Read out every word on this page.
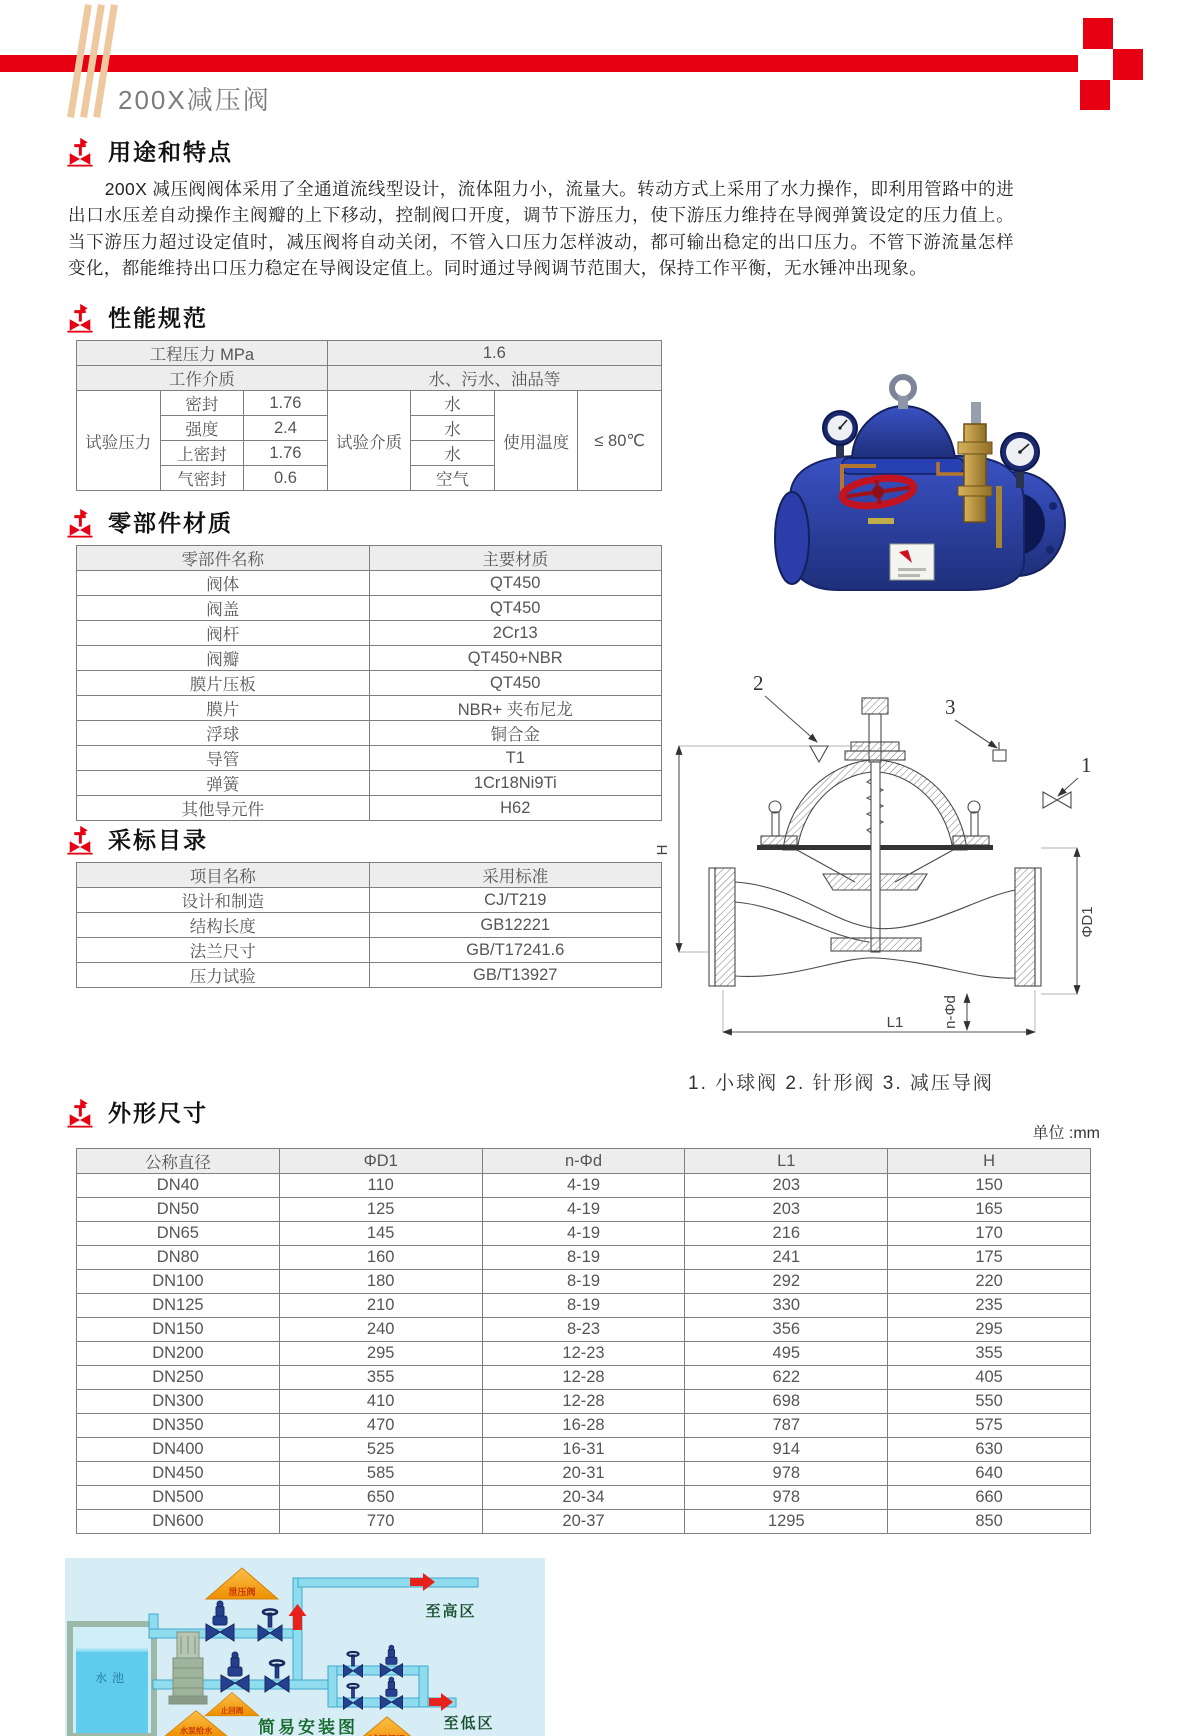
200X减压阀
用途和特点
200X 减压阀阀体采用了全通道流线型设计，流体阻力小，流量大。转动方式上采用了水力操作，即利用管路中的进出口水压差自动操作主阀瓣的上下移动，控制阀口开度，调节下游压力，使下游压力维持在导阀弹簧设定的压力值上。当下游压力超过设定值时，减压阀将自动关闭，不管入口压力怎样波动，都可输出稳定的出口压力。不管下游流量怎样变化，都能维持出口压力稳定在导阀设定值上。同时通过导阀调节范围大，保持工作平衡，无水锤冲出现象。
性能规范
工程压力 MPa			1.6			
工作介质			水、污水、油品等			
试验压力	密封	1.76	试验介质	水	使用温度	≤ 80℃
	强度	2.4		水		
	上密封	1.76		水		
	气密封	0.6		空气		
零部件材质
零部件名称	主要材质
阀体	QT450
阀盖	QT450
阀杆	2Cr13
阀瓣	QT450+NBR
膜片压板	QT450
膜片	NBR+ 夹布尼龙
浮球	铜合金
导管	T1
弹簧	1Cr18Ni9Ti
其他导元件	H62
采标目录
项目名称	采用标准
设计和制造	CJ/T219
结构长度	GB12221
法兰尺寸	GB/T17241.6
压力试验	GB/T13927
外形尺寸
单位 :mm
公称直径	ΦD1	n-Φd	L1	H
DN40	110	4-19	203	150
DN50	125	4-19	203	165
DN65	145	4-19	216	170
DN80	160	8-19	241	175
DN100	180	8-19	292	220
DN125	210	8-19	330	235
DN150	240	8-23	356	295
DN200	295	12-23	495	355
DN250	355	12-28	622	405
DN300	410	12-28	698	550
DN350	470	16-28	787	575
DN400	525	16-31	914	630
DN450	585	20-31	978	640
DN500	650	20-34	978	660
DN600	770	20-37	1295	850
H
ΦD1
L1	n-Φd
2
3
1
1. 小球阀 2. 针形阀 3. 减压导阀
水池
泄压阀
止回阀
水泵给水
至高区
至低区
简易安装图
